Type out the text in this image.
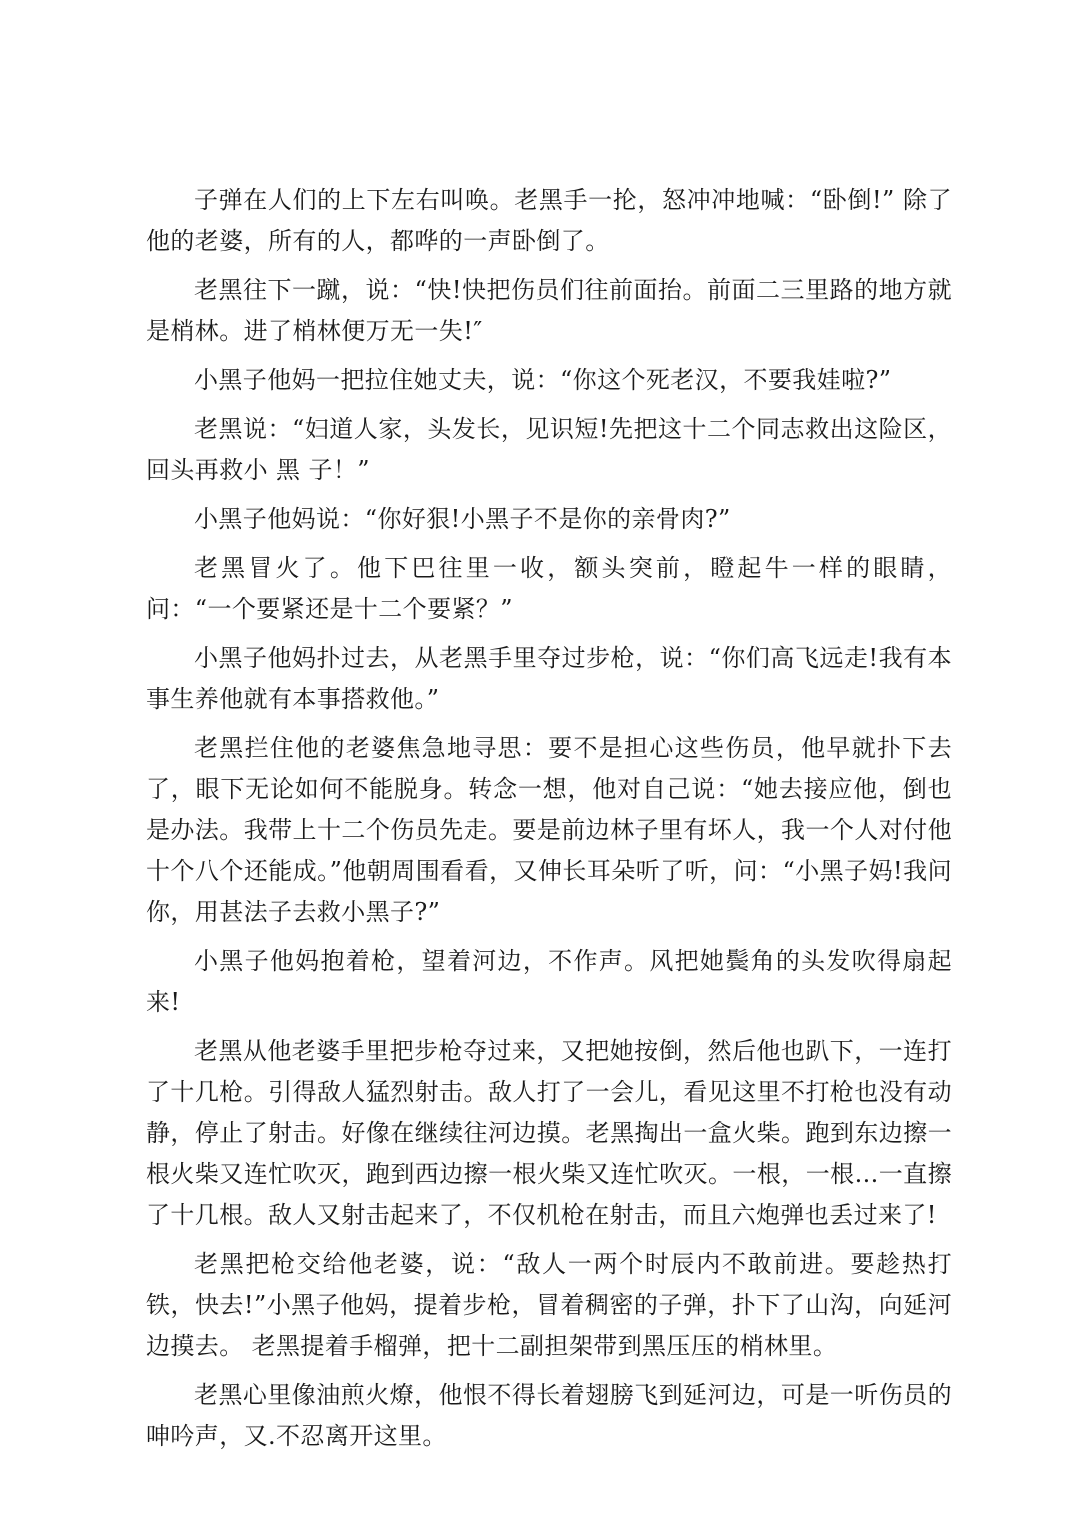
子弹在人们的上下左右叫唤。老黑手一抡，怒冲冲地喊：“卧倒!” 除了他的老婆，所有的人，都哗的一声卧倒了。

老黑往下一蹴，说：“快!快把伤员们往前面抬。前面二三里路的地方就是梢林。进了梢林便万无一失!″

小黑子他妈一把拉住她丈夫，说：“你这个死老汉，不要我娃啦?”

老黑说：“妇道人家，头发长，见识短!先把这十二个同志救出这险区，回头再救小 黑 子！”

小黑子他妈说：“你好狠!小黑子不是你的亲骨肉?”

老黑冒火了。他下巴往里一收，额头突前，瞪起牛一样的眼睛，问：“一个要紧还是十二个要紧？”

小黑子他妈扑过去，从老黑手里夺过步枪，说：“你们高飞远走!我有本事生养他就有本事搭救他。”

老黑拦住他的老婆焦急地寻思：要不是担心这些伤员，他早就扑下去了，眼下无论如何不能脱身。转念一想，他对自己说：“她去接应他，倒也是办法。我带上十二个伤员先走。要是前边林子里有坏人，我一个人对付他十个八个还能成。”他朝周围看看，又伸长耳朵听了听，问：“小黑子妈!我问你，用甚法子去救小黑子?”

小黑子他妈抱着枪，望着河边，不作声。风把她鬓角的头发吹得扇起来!

老黑从他老婆手里把步枪夺过来，又把她按倒，然后他也趴下，一连打了十几枪。引得敌人猛烈射击。敌人打了一会儿，看见这里不打枪也没有动静，停止了射击。好像在继续往河边摸。老黑掏出一盒火柴。跑到东边擦一根火柴又连忙吹灭，跑到西边擦一根火柴又连忙吹灭。一根，一根...一直擦了十几根。敌人又射击起来了，不仅机枪在射击，而且六炮弹也丢过来了!

老黑把枪交给他老婆，说：“敌人一两个时辰内不敢前进。要趁热打铁，快去!”小黑子他妈，提着步枪，冒着稠密的子弹，扑下了山沟，向延河边摸去。 老黑提着手榴弹，把十二副担架带到黑压压的梢林里。

老黑心里像油煎火燎，他恨不得长着翅膀飞到延河边，可是一听伤员的呻吟声，又.不忍离开这里。
